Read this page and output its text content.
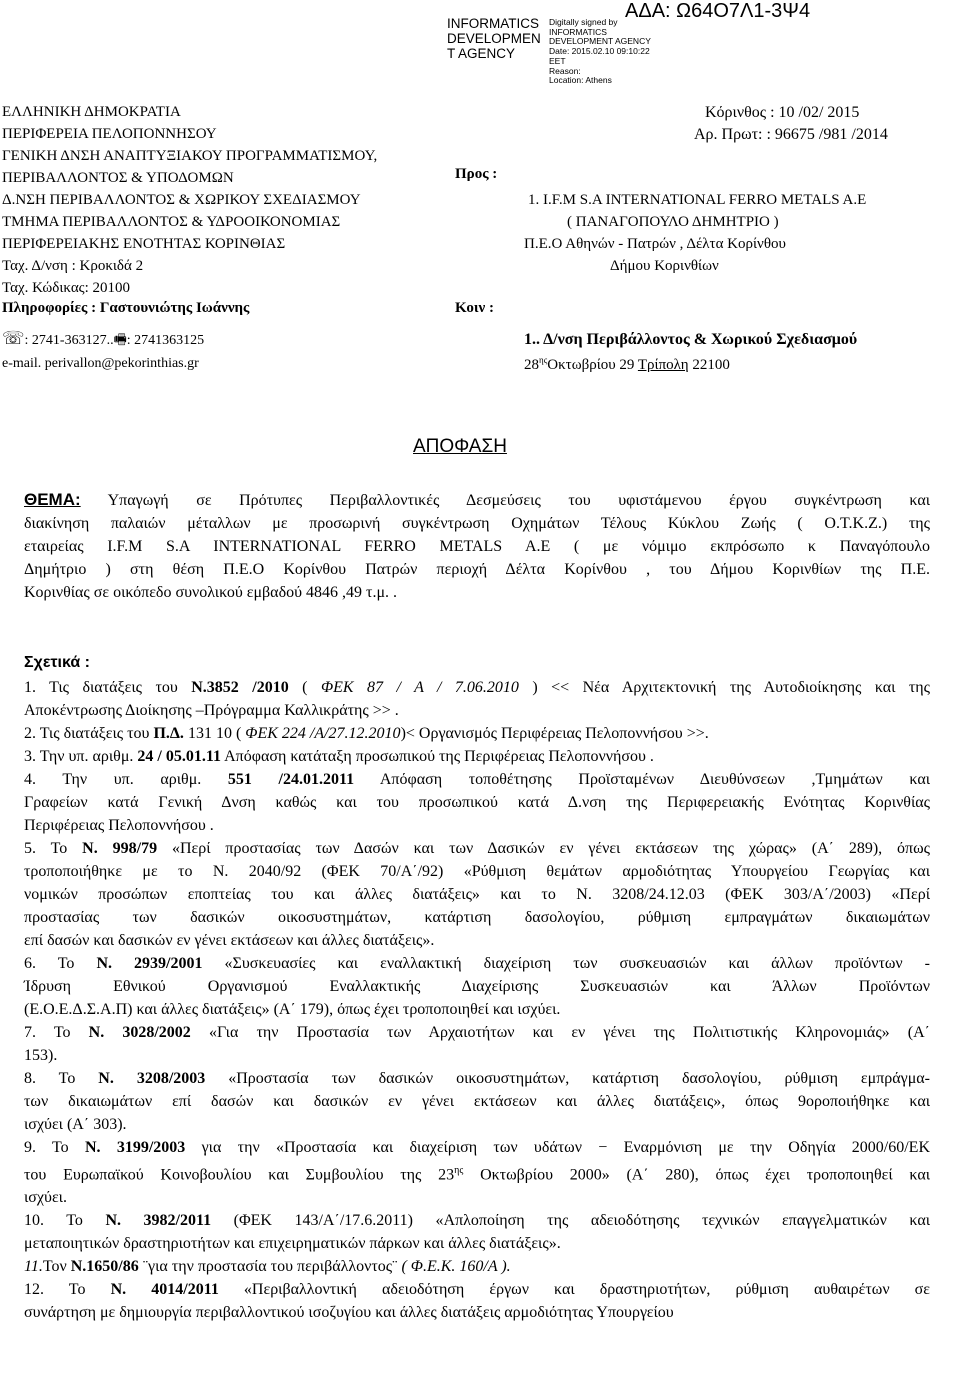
INFORMATICS
DEVELOPMEN
T AGENCY
Digitally signed by
INFORMATICS
DEVELOPMENT AGENCY
Date: 2015.02.10 09:10:22
EET
Reason:
Location: Athens
ΑΔΑ: Ω64Ο7Λ1-3Ψ4
ΕΛΛΗΝΙΚΗ ΔΗΜΟΚΡΑΤΙΑ
ΠΕΡΙΦΕΡΕΙΑ ΠΕΛΟΠΟΝΝΗΣΟΥ
ΓΕΝΙΚΗ ΔΝΣΗ ΑΝΑΠΤΥΞΙΑΚΟΥ ΠΡΟΓΡΑΜΜΑΤΙΣΜΟΥ,
ΠΕΡΙΒΑΛΛΟΝΤΟΣ & ΥΠΟΔΟΜΩΝ
Δ.ΝΣΗ ΠΕΡΙΒΑΛΛΟΝΤΟΣ & ΧΩΡΙΚΟΥ ΣΧΕΔΙΑΣΜΟΥ
ΤΜΗΜΑ ΠΕΡΙΒΑΛΛΟΝΤΟΣ & ΥΔΡΟΟΙΚΟΝΟΜΙΑΣ
ΠΕΡΙΦΕΡΕΙΑΚΗΣ ΕΝΟΤΗΤΑΣ ΚΟΡΙΝΘΙΑΣ
Ταχ. Δ/νση : Κροκιδά 2
Ταχ. Κώδικας: 20100
Πληροφορίες : Γαστουνιώτης Ιωάννης
Κόρινθος : 10 /02/ 2015
Αρ. Πρωτ: : 96675 /981 /2014
Προς :
Κοιν :
1. Ι.F.M S.A INTERNATIONAL FERRO METALS A.E
( ΠΑΝΑΓΟΠΟΥΛΟ ΔΗΜΗΤΡΙΟ )
Π.Ε.Ο Αθηνών - Πατρών , Δέλτα Κορίνθου
Δήμου Κορινθίων
☏: 2741-363127..🖷: 2741363125
e-mail. perivallon@pekorinthias.gr
1.. Δ/νση Περιβάλλοντος & Χωρικού Σχεδιασμού
$28^{\eta\varsigma}O\kappa\tau\omega\beta\rho ίo\upsilon$ 29 Τρίπολη 22100
ΑΠΟΦΑΣΗ
ΘΕΜΑ: Υπαγωγή σε Πρότυπες Περιβαλλοντικές Δεσμεύσεις του υφιστάμενου έργου συγκέντρωση και
διακίνηση παλαιών μέταλλων με προσωρινή συγκέντρωση Οχημάτων Τέλους Κύκλου Ζωής ( Ο.Τ.Κ.Ζ.) της
εταιρείας Ι.F.M S.A INTERNATIONAL FERRO METALS A.E ( με νόμιμο εκπρόσωπο κ Παναγόπουλο
Δημήτριο ) στη θέση Π.Ε.Ο Κορίνθου Πατρών περιοχή Δέλτα Κορίνθου , του Δήμου Κορινθίων της Π.Ε.
Κορινθίας σε οικόπεδο συνολικού εμβαδού 4846 ,49 τ.μ. .
Σχετικά :
1. Τις διατάξεις του Ν.3852 /2010 ( ΦΕΚ 87 / Α / 7.06.2010 ) << Νέα Αρχιτεκτονική της Αυτοδιοίκησης και της
Αποκέντρωσης Διοίκησης –Πρόγραμμα Καλλικράτης >> .
2. Τις διατάξεις του Π.Δ. 131 10 ( ΦΕΚ 224 /Α/27.12.2010)< Οργανισμός Περιφέρειας Πελοποννήσου >>.
3. Την υπ. αριθμ. 24 / 05.01.11 Απόφαση κατάταξη προσωπικού της Περιφέρειας Πελοποννήσου .
4. Την υπ. αριθμ. 551 /24.01.2011 Απόφαση τοποθέτησης Προϊσταμένων Διευθύνσεων ,Τμημάτων και
Γραφείων κατά Γενική Δνση καθώς και του προσωπικού κατά Δ.νση της Περιφερειακής Ενότητας Κορινθίας
Περιφέρειας Πελοποννήσου .
5. Το Ν. 998/79 «Περί προστασίας των Δασών και των Δασικών εν γένει εκτάσεων της χώρας» (Α΄ 289), όπως
τροποποιήθηκε με το Ν. 2040/92 (ΦΕΚ 70/Α΄/92) «Ρύθμιση θεμάτων αρμοδιότητας Υπουργείου Γεωργίας και
νομικών προσώπων εποπτείας του και άλλες διατάξεις» και το Ν. 3208/24.12.03 (ΦΕΚ 303/Α΄/2003) «Περί
προστασίας των δασικών οικοσυστημάτων, κατάρτιση δασολογίου, ρύθμιση εμπραγμάτων δικαιωμάτων
επί δασών και δασικών εν γένει εκτάσεων και άλλες διατάξεις».
6. Το Ν. 2939/2001 «Συσκευασίες και εναλλακτική διαχείριση των συσκευασιών και άλλων προϊόντων -
Ίδρυση Εθνικού Οργανισμού Εναλλακτικής Διαχείρισης Συσκευασιών και Άλλων Προϊόντων
(Ε.Ο.Ε.Δ.Σ.Α.Π) και άλλες διατάξεις» (Α΄ 179), όπως έχει τροποποιηθεί και ισχύει.
7. Το Ν. 3028/2002 «Για την Προστασία των Αρχαιοτήτων και εν γένει της Πολιτιστικής Κληρονομιάς» (Α΄
153).
8. Το Ν. 3208/2003 «Προστασία των δασικών οικοσυστημάτων, κατάρτιση δασολογίου, ρύθμιση εμπράγμα-
των δικαιωμάτων επί δασών και δασικών εν γένει εκτάσεων και άλλες διατάξεις», όπως 9οροποιήθηκε και
ισχύει (Α΄ 303).
9. Το Ν. 3199/2003 για την «Προστασία και διαχείριση των υδάτων − Εναρμόνιση με την Οδηγία 2000/60/ΕΚ
του Ευρωπαϊκού Κοινοβουλίου και Συμβουλίου της $23^{\eta\varsigma}$ Οκτωβρίου 2000» (Α΄ 280), όπως έχει τροποποιηθεί και
ισχύει.
10. Το Ν. 3982/2011 (ΦΕΚ 143/Α΄/17.6.2011) «Απλοποίηση της αδειοδότησης τεχνικών επαγγελματικών και
μεταποιητικών δραστηριοτήτων και επιχειρηματικών πάρκων και άλλες διατάξεις».
11.Τον Ν.1650/86 ¨για την προστασία του περιβάλλοντος¨ ( Φ.Ε.Κ. 160/Α ).
12. Το Ν. 4014/2011 «Περιβαλλοντική αδειοδότηση έργων και δραστηριοτήτων, ρύθμιση αυθαιρέτων σε
συνάρτηση με δημιουργία περιβαλλοντικού ισοζυγίου και άλλες διατάξεις αρμοδιότητας Υπουργείου
